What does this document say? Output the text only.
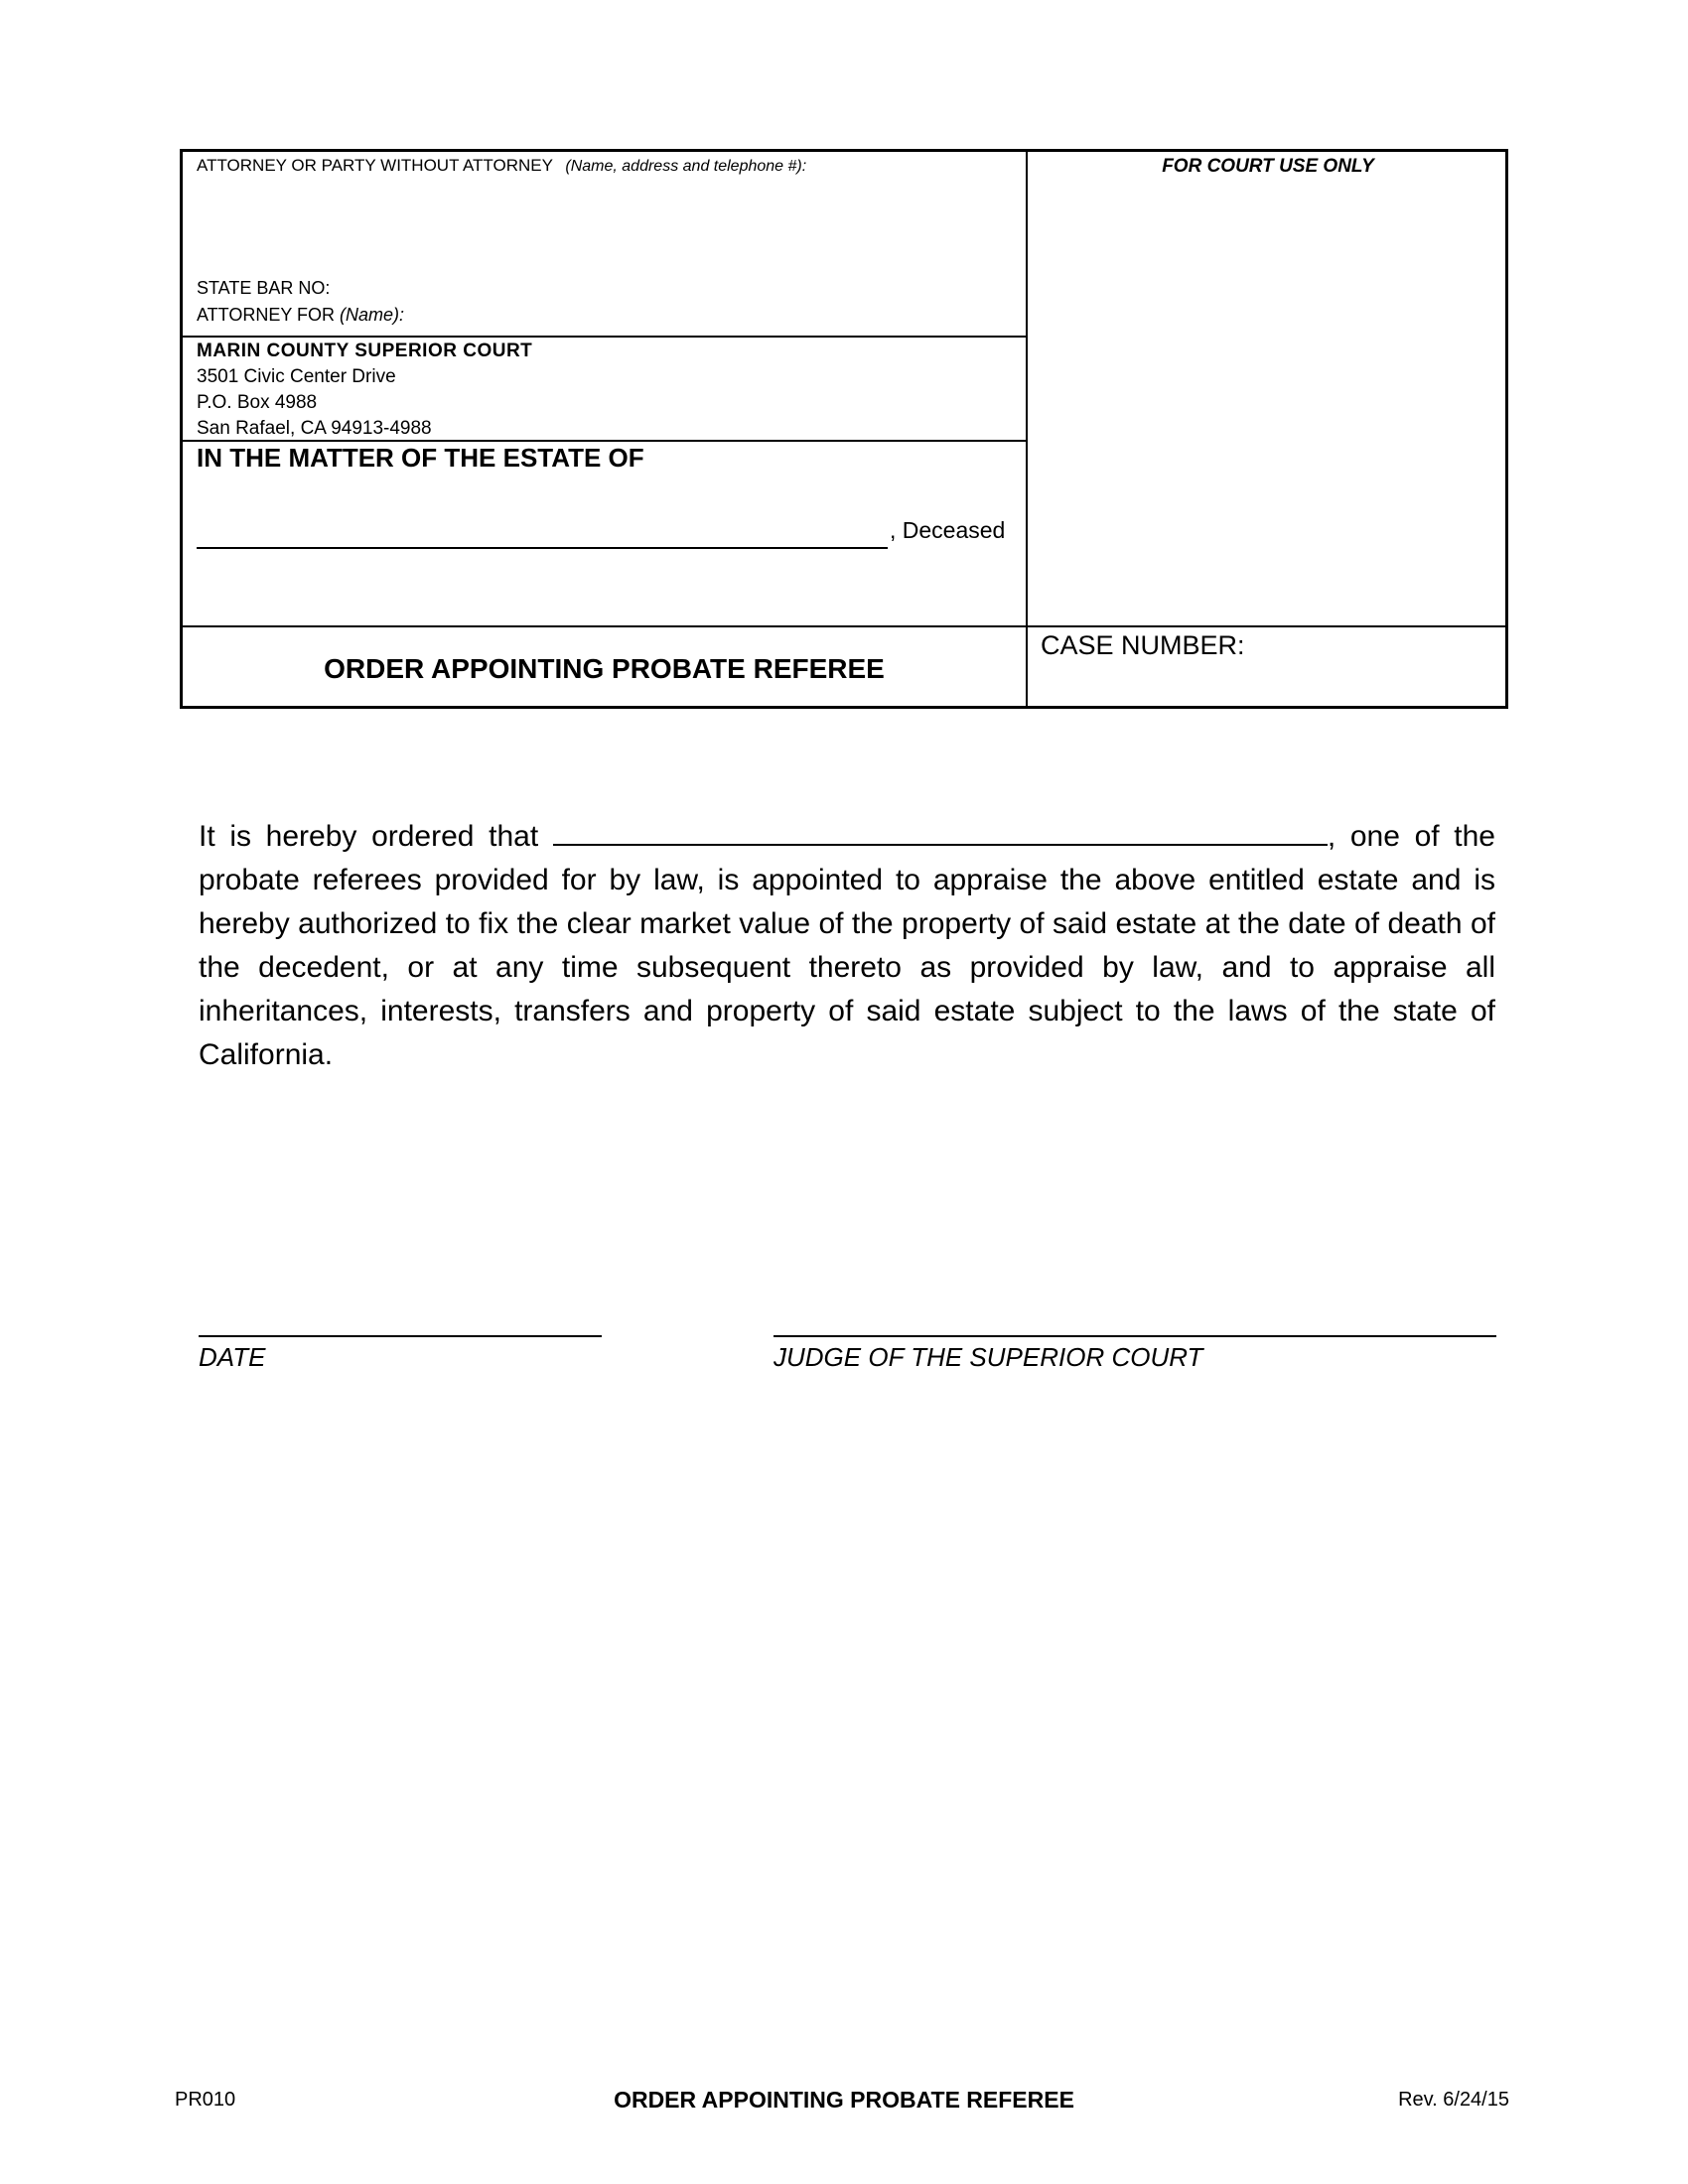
ATTORNEY OR PARTY WITHOUT ATTORNEY (Name, address and telephone #):
STATE BAR NO:
ATTORNEY FOR (Name):
MARIN COUNTY SUPERIOR COURT
3501 Civic Center Drive
P.O. Box 4988
San Rafael, CA 94913-4988
IN THE MATTER OF THE ESTATE OF
, Deceased
ORDER APPOINTING PROBATE REFEREE
FOR COURT USE ONLY
CASE NUMBER:
It is hereby ordered that	, one of the probate referees provided for by law, is appointed to appraise the above entitled estate and is hereby authorized to fix the clear market value of the property of said estate at the date of death of the decedent, or at any time subsequent thereto as provided by law, and to appraise all inheritances, interests, transfers and property of said estate subject to the laws of the state of California.
DATE	JUDGE OF THE SUPERIOR COURT
PR010	ORDER APPOINTING PROBATE REFEREE	Rev. 6/24/15
